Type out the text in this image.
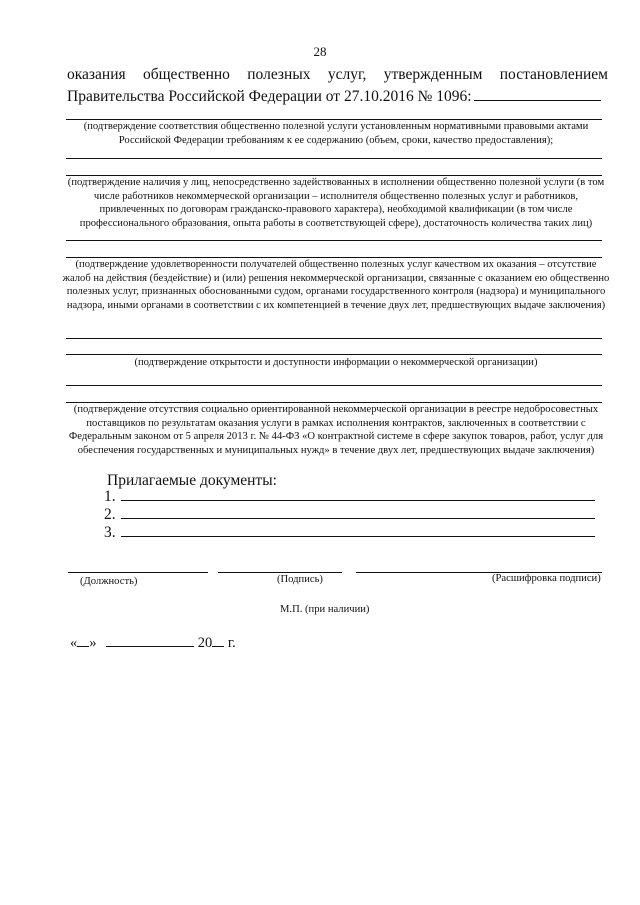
28
оказания общественно полезных услуг, утвержденным постановлением
Правительства Российской Федерации от 27.10.2016 № 1096:
(подтверждение соответствия общественно полезной услуги установленным нормативными правовыми актами Российской Федерации требованиям к ее содержанию (объем, сроки, качество предоставления);
(подтверждение наличия у лиц, непосредственно задействованных в исполнении общественно полезной услуги (в том числе работников некоммерческой организации – исполнителя общественно полезных услуг и работников, привлеченных по договорам гражданско-правового характера), необходимой квалификации (в том числе профессионального образования, опыта работы в соответствующей сфере), достаточность количества таких лиц)
(подтверждение удовлетворенности получателей общественно полезных услуг качеством их оказания – отсутствие жалоб на действия (бездействие) и (или) решения некоммерческой организации, связанные с оказанием ею общественно полезных услуг, признанных обоснованными судом, органами государственного контроля (надзора) и муниципального надзора, иными органами в соответствии с их компетенцией в течение двух лет, предшествующих выдаче заключения)
(подтверждение открытости и доступности информации о некоммерческой организации)
(подтверждение отсутствия социально ориентированной некоммерческой организации в реестре недобросовестных поставщиков по результатам оказания услуги в рамках исполнения контрактов, заключенных в соответствии с Федеральным законом от 5 апреля 2013 г. № 44-ФЗ «О контрактной системе в сфере закупок товаров, работ, услуг для обеспечения государственных и муниципальных нужд» в течение двух лет, предшествующих выдаче заключения)
Прилагаемые документы:
1.
2.
3.
(Должность)	(Подпись)	(Расшифровка подписи)
М.П. (при наличии)
« »	20 г.
